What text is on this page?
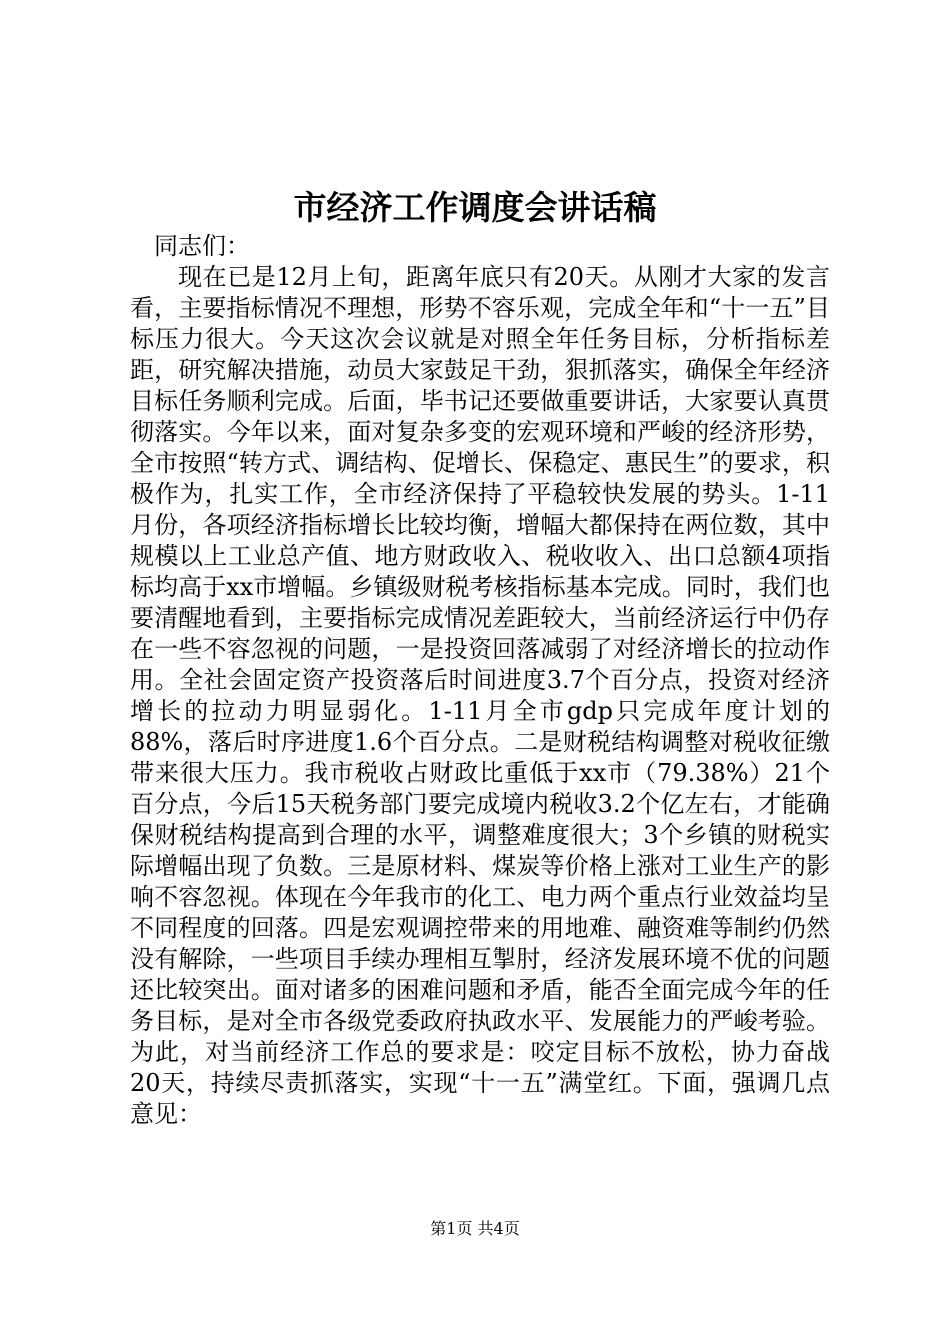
市经济工作调度会讲话稿

同志们：

现在已是12月上旬，距离年底只有20天。从刚才大家的发言看，主要指标情况不理想，形势不容乐观，完成全年和“十一五”目标压力很大。今天这次会议就是对照全年任务目标，分析指标差距，研究解决措施，动员大家鼓足干劲，狠抓落实，确保全年经济目标任务顺利完成。后面，毕书记还要做重要讲话，大家要认真贯彻落实。今年以来，面对复杂多变的宏观环境和严峻的经济形势，全市按照“转方式、调结构、促增长、保稳定、惠民生”的要求，积极作为，扎实工作，全市经济保持了平稳较快发展的势头。1-11月份，各项经济指标增长比较均衡，增幅大都保持在两位数，其中规模以上工业总产值、地方财政收入、税收收入、出口总额4项指标均高于xx市增幅。乡镇级财税考核指标基本完成。同时，我们也要清醒地看到，主要指标完成情况差距较大，当前经济运行中仍存在一些不容忽视的问题，一是投资回落减弱了对经济增长的拉动作用。全社会固定资产投资落后时间进度3.7个百分点，投资对经济增长的拉动力明显弱化。1-11月全市gdp只完成年度计划的88%，落后时序进度1.6个百分点。二是财税结构调整对税收征缴带来很大压力。我市税收占财政比重低于xx市（79.38%）21个百分点，今后15天税务部门要完成境内税收3.2个亿左右，才能确保财税结构提高到合理的水平，调整难度很大；3个乡镇的财税实际增幅出现了负数。三是原材料、煤炭等价格上涨对工业生产的影响不容忽视。体现在今年我市的化工、电力两个重点行业效益均呈不同程度的回落。四是宏观调控带来的用地难、融资难等制约仍然没有解除，一些项目手续办理相互掣肘，经济发展环境不优的问题还比较突出。面对诸多的困难问题和矛盾，能否全面完成今年的任务目标，是对全市各级党委政府执政水平、发展能力的严峻考验。为此，对当前经济工作总的要求是：咬定目标不放松，协力奋战20天，持续尽责抓落实，实现“十一五”满堂红。下面，强调几点意见：

第1页 共4页
